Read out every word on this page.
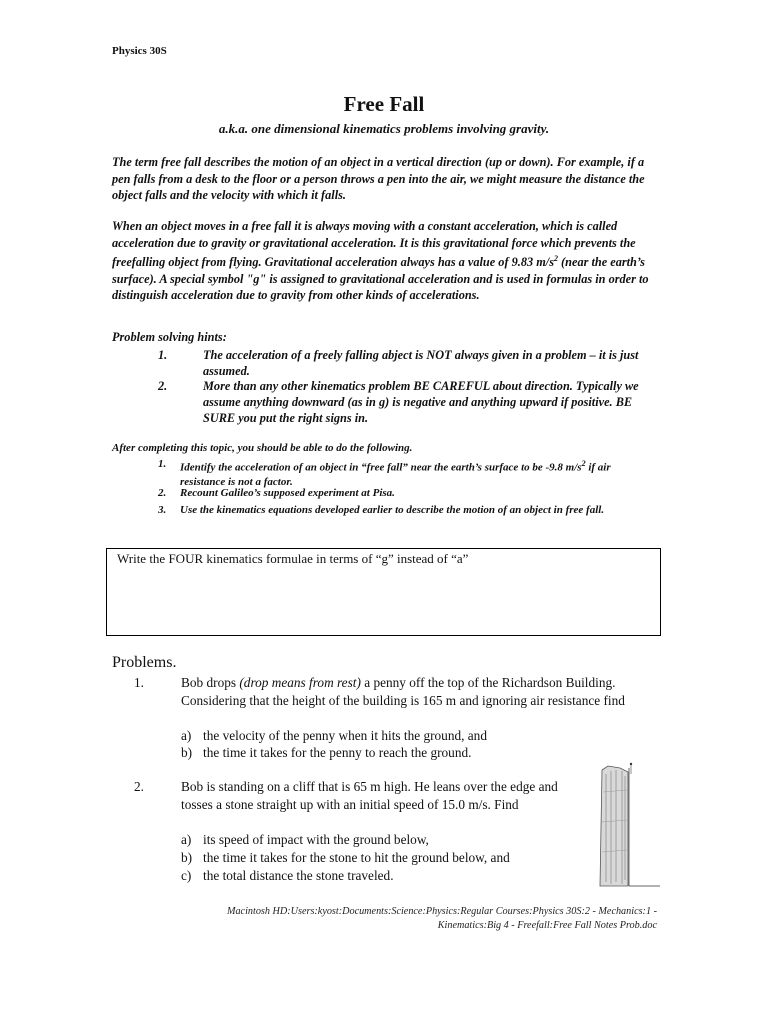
Physics 30S
Free Fall
a.k.a. one dimensional kinematics problems involving gravity.
The term free fall describes the motion of an object in a vertical direction (up or down). For example, if a pen falls from a desk to the floor or a person throws a pen into the air, we might measure the distance the object falls and the velocity with which it falls.
When an object moves in a free fall it is always moving with a constant acceleration, which is called acceleration due to gravity or gravitational acceleration. It is this gravitational force which prevents the freefalling object from flying. Gravitational acceleration always has a value of 9.83 $m/s^2$ (near the earth’s surface). A special symbol "g" is assigned to gravitational acceleration and is used in formulas in order to distinguish acceleration due to gravity from other kinds of accelerations.
Problem solving hints:
1.	The acceleration of a freely falling abject is NOT always given in a problem – it is just assumed.
2.	More than any other kinematics problem BE CAREFUL about direction. Typically we assume anything downward (as in g) is negative and anything upward if positive. BE SURE you put the right signs in.
After completing this topic, you should be able to do the following.
1. Identify the acceleration of an object in “free fall” near the earth’s surface to be -9.8 $m/s^2$ if air resistance is not a factor.
2. Recount Galileo’s supposed experiment at Pisa.
3. Use the kinematics equations developed earlier to describe the motion of an object in free fall.
Write the FOUR kinematics formulae in terms of “g” instead of “a”
Problems.
1.	Bob drops (drop means from rest) a penny off the top of the Richardson Building. Considering that the height of the building is 165 m and ignoring air resistance find
a) the velocity of the penny when it hits the ground, and
b) the time it takes for the penny to reach the ground.
2.	Bob is standing on a cliff that is 65 m high. He leans over the edge and tosses a stone straight up with an initial speed of 15.0 m/s. Find
a) its speed of impact with the ground below,
b) the time it takes for the stone to hit the ground below, and
c) the total distance the stone traveled.
Macintosh HD:Users:kyost:Documents:Science:Physics:Regular Courses:Physics 30S:2 - Mechanics:1 -
Kinematics:Big 4 - Freefall:Free Fall Notes Prob.doc
